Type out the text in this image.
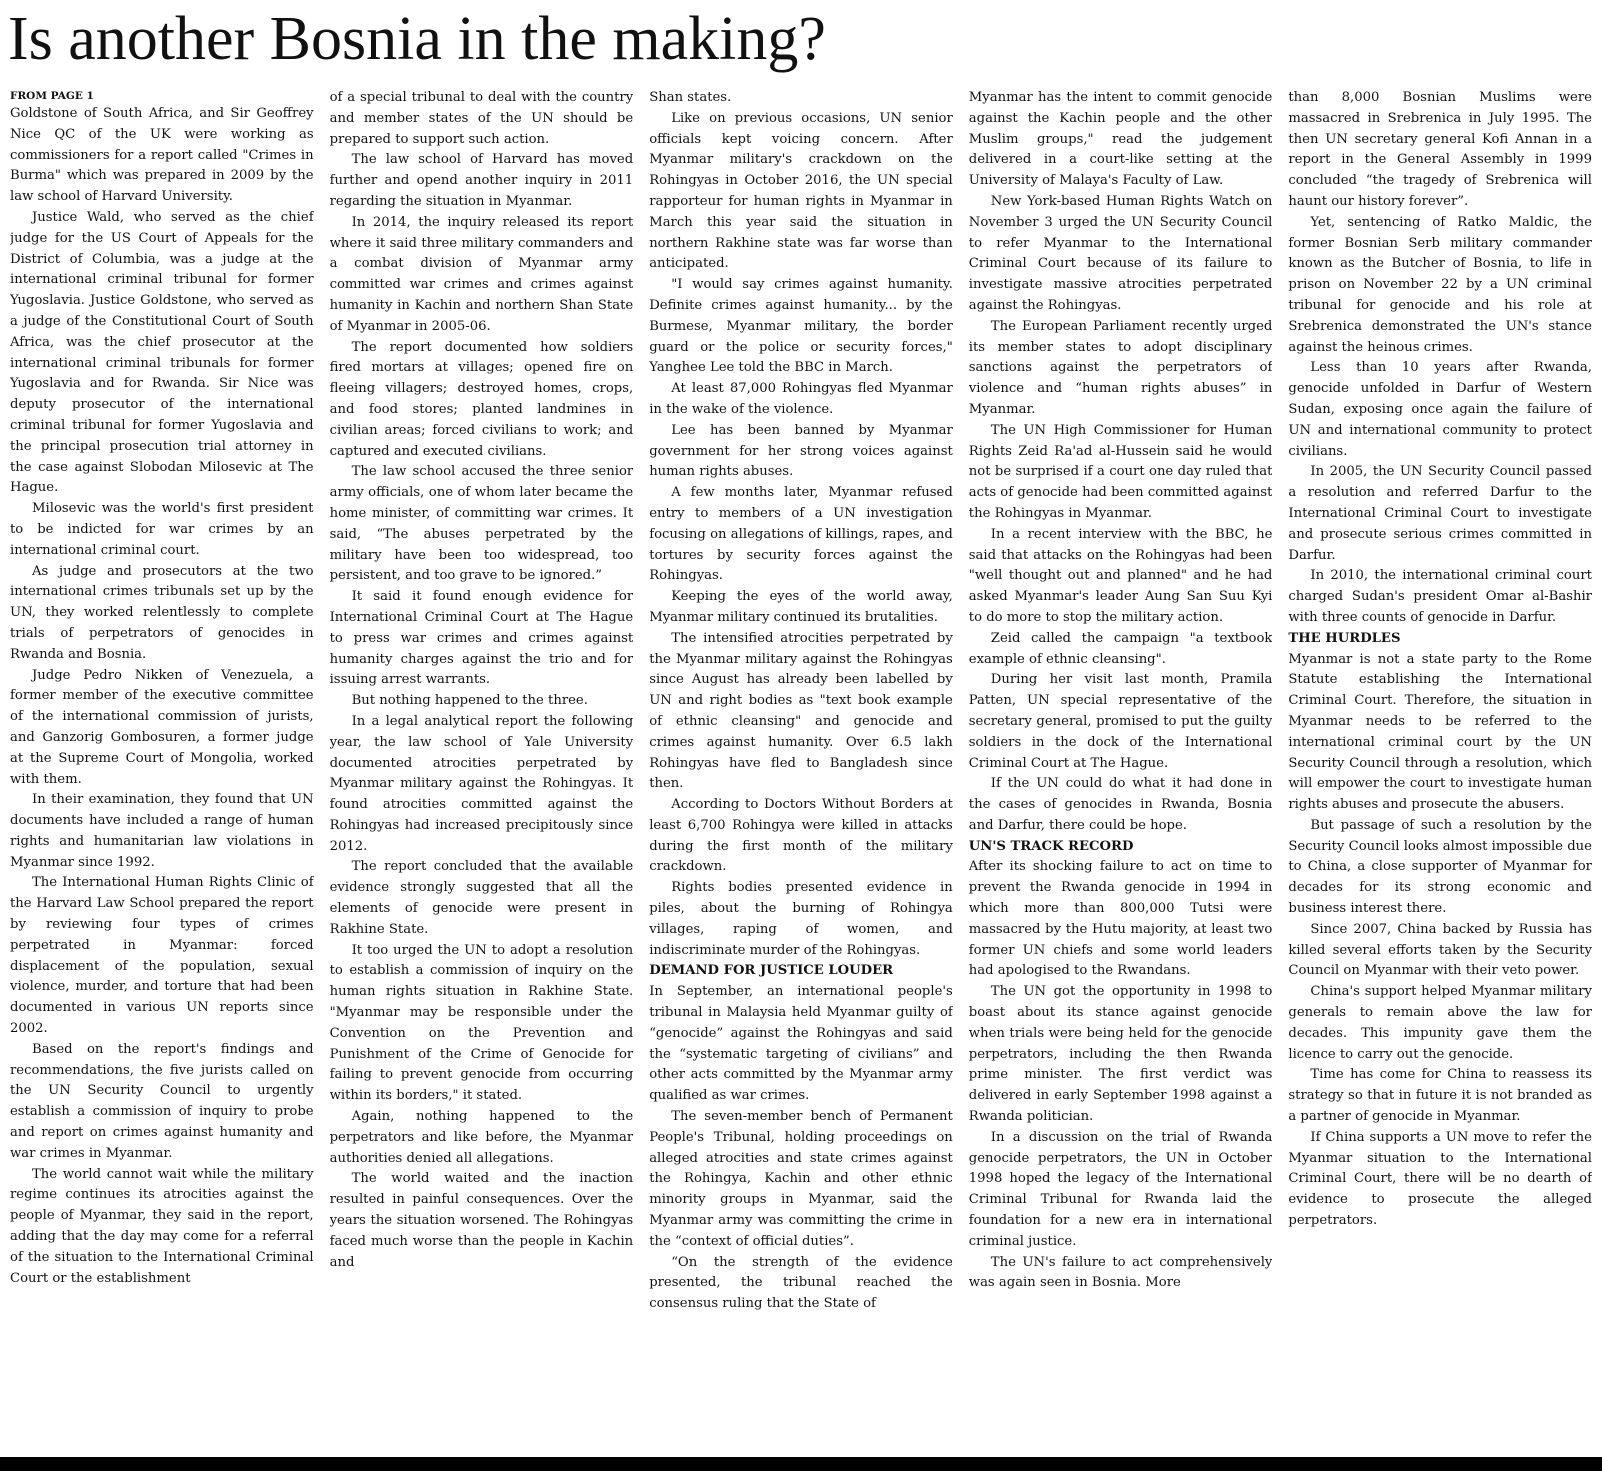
Is another Bosnia in the making?
FROM PAGE 1

Goldstone of South Africa, and Sir Geoffrey Nice QC of the UK were working as commissioners for a report called "Crimes in Burma" which was prepared in 2009 by the law school of Harvard University.

Justice Wald, who served as the chief judge for the US Court of Appeals for the District of Columbia, was a judge at the international criminal tribunal for former Yugoslavia. Justice Goldstone, who served as a judge of the Constitutional Court of South Africa, was the chief prosecutor at the international criminal tribunals for former Yugoslavia and for Rwanda. Sir Nice was deputy prosecutor of the international criminal tribunal for former Yugoslavia and the principal prosecution trial attorney in the case against Slobodan Milosevic at The Hague.

Milosevic was the world's first president to be indicted for war crimes by an international criminal court.

As judge and prosecutors at the two international crimes tribunals set up by the UN, they worked relentlessly to complete trials of perpetrators of genocides in Rwanda and Bosnia.

Judge Pedro Nikken of Venezuela, a former member of the executive committee of the international commission of jurists, and Ganzorig Gombosuren, a former judge at the Supreme Court of Mongolia, worked with them.

In their examination, they found that UN documents have included a range of human rights and humanitarian law violations in Myanmar since 1992.

The International Human Rights Clinic of the Harvard Law School prepared the report by reviewing four types of crimes perpetrated in Myanmar: forced displacement of the population, sexual violence, murder, and torture that had been documented in various UN reports since 2002.

Based on the report's findings and recommendations, the five jurists called on the UN Security Council to urgently establish a commission of inquiry to probe and report on crimes against humanity and war crimes in Myanmar.

The world cannot wait while the military regime continues its atrocities against the people of Myanmar, they said in the report, adding that the day may come for a referral of the situation to the International Criminal Court or the establishment

of a special tribunal to deal with the country and member states of the UN should be prepared to support such action.

The law school of Harvard has moved further and opend another inquiry in 2011 regarding the situation in Myanmar.

In 2014, the inquiry released its report where it said three military commanders and a combat division of Myanmar army committed war crimes and crimes against humanity in Kachin and northern Shan State of Myanmar in 2005-06.

The report documented how soldiers fired mortars at villages; opened fire on fleeing villagers; destroyed homes, crops, and food stores; planted landmines in civilian areas; forced civilians to work; and captured and executed civilians.

The law school accused the three senior army officials, one of whom later became the home minister, of committing war crimes. It said, “The abuses perpetrated by the military have been too widespread, too persistent, and too grave to be ignored.”

It said it found enough evidence for International Criminal Court at The Hague to press war crimes and crimes against humanity charges against the trio and for issuing arrest warrants.

But nothing happened to the three.

In a legal analytical report the following year, the law school of Yale University documented atrocities perpetrated by Myanmar military against the Rohingyas. It found atrocities committed against the Rohingyas had increased precipitously since 2012.

The report concluded that the available evidence strongly suggested that all the elements of genocide were present in Rakhine State.

It too urged the UN to adopt a resolution to establish a commission of inquiry on the human rights situation in Rakhine State. "Myanmar may be responsible under the Convention on the Prevention and Punishment of the Crime of Genocide for failing to prevent genocide from occurring within its borders," it stated.

Again, nothing happened to the perpetrators and like before, the Myanmar authorities denied all allegations.

The world waited and the inaction resulted in painful consequences. Over the years the situation worsened. The Rohingyas faced much worse than the people in Kachin and

Shan states.

Like on previous occasions, UN senior officials kept voicing concern. After Myanmar military's crackdown on the Rohingyas in October 2016, the UN special rapporteur for human rights in Myanmar in March this year said the situation in northern Rakhine state was far worse than anticipated.

"I would say crimes against humanity. Definite crimes against humanity... by the Burmese, Myanmar military, the border guard or the police or security forces," Yanghee Lee told the BBC in March.

At least 87,000 Rohingyas fled Myanmar in the wake of the violence.

Lee has been banned by Myanmar government for her strong voices against human rights abuses.

A few months later, Myanmar refused entry to members of a UN investigation focusing on allegations of killings, rapes, and tortures by security forces against the Rohingyas.

Keeping the eyes of the world away, Myanmar military continued its brutalities.

The intensified atrocities perpetrated by the Myanmar military against the Rohingyas since August has already been labelled by UN and right bodies as "text book example of ethnic cleansing" and genocide and crimes against humanity. Over 6.5 lakh Rohingyas have fled to Bangladesh since then.

According to Doctors Without Borders at least 6,700 Rohingya were killed in attacks during the first month of the military crackdown.

Rights bodies presented evidence in piles, about the burning of Rohingya villages, raping of women, and indiscriminate murder of the Rohingyas.

DEMAND FOR JUSTICE LOUDER

In September, an international people's tribunal in Malaysia held Myanmar guilty of “genocide” against the Rohingyas and said the “systematic targeting of civilians” and other acts committed by the Myanmar army qualified as war crimes.

The seven-member bench of Permanent People's Tribunal, holding proceedings on alleged atrocities and state crimes against the Rohingya, Kachin and other ethnic minority groups in Myanmar, said the Myanmar army was committing the crime in the “context of official duties”.

“On the strength of the evidence presented, the tribunal reached the consensus ruling that the State of

Myanmar has the intent to commit genocide against the Kachin people and the other Muslim groups," read the judgement delivered in a court-like setting at the University of Malaya's Faculty of Law.

New York-based Human Rights Watch on November 3 urged the UN Security Council to refer Myanmar to the International Criminal Court because of its failure to investigate massive atrocities perpetrated against the Rohingyas.

The European Parliament recently urged its member states to adopt disciplinary sanctions against the perpetrators of violence and “human rights abuses” in Myanmar.

The UN High Commissioner for Human Rights Zeid Ra'ad al-Hussein said he would not be surprised if a court one day ruled that acts of genocide had been committed against the Rohingyas in Myanmar.

In a recent interview with the BBC, he said that attacks on the Rohingyas had been "well thought out and planned" and he had asked Myanmar's leader Aung San Suu Kyi to do more to stop the military action.

Zeid called the campaign "a textbook example of ethnic cleansing".

During her visit last month, Pramila Patten, UN special representative of the secretary general, promised to put the guilty soldiers in the dock of the International Criminal Court at The Hague.

If the UN could do what it had done in the cases of genocides in Rwanda, Bosnia and Darfur, there could be hope.

UN'S TRACK RECORD

After its shocking failure to act on time to prevent the Rwanda genocide in 1994 in which more than 800,000 Tutsi were massacred by the Hutu majority, at least two former UN chiefs and some world leaders had apologised to the Rwandans.

The UN got the opportunity in 1998 to boast about its stance against genocide when trials were being held for the genocide perpetrators, including the then Rwanda prime minister. The first verdict was delivered in early September 1998 against a Rwanda politician.

In a discussion on the trial of Rwanda genocide perpetrators, the UN in October 1998 hoped the legacy of the International Criminal Tribunal for Rwanda laid the foundation for a new era in international criminal justice.

The UN's failure to act comprehensively was again seen in Bosnia. More

than 8,000 Bosnian Muslims were massacred in Srebrenica in July 1995. The then UN secretary general Kofi Annan in a report in the General Assembly in 1999 concluded “the tragedy of Srebrenica will haunt our history forever”.

Yet, sentencing of Ratko Maldic, the former Bosnian Serb military commander known as the Butcher of Bosnia, to life in prison on November 22 by a UN criminal tribunal for genocide and his role at Srebrenica demonstrated the UN's stance against the heinous crimes.

Less than 10 years after Rwanda, genocide unfolded in Darfur of Western Sudan, exposing once again the failure of UN and international community to protect civilians.

In 2005, the UN Security Council passed a resolution and referred Darfur to the International Criminal Court to investigate and prosecute serious crimes committed in Darfur.

In 2010, the international criminal court charged Sudan's president Omar al-Bashir with three counts of genocide in Darfur.

THE HURDLES

Myanmar is not a state party to the Rome Statute establishing the International Criminal Court. Therefore, the situation in Myanmar needs to be referred to the international criminal court by the UN Security Council through a resolution, which will empower the court to investigate human rights abuses and prosecute the abusers.

But passage of such a resolution by the Security Council looks almost impossible due to China, a close supporter of Myanmar for decades for its strong economic and business interest there.

Since 2007, China backed by Russia has killed several efforts taken by the Security Council on Myanmar with their veto power.

China's support helped Myanmar military generals to remain above the law for decades. This impunity gave them the licence to carry out the genocide.

Time has come for China to reassess its strategy so that in future it is not branded as a partner of genocide in Myanmar.

If China supports a UN move to refer the Myanmar situation to the International Criminal Court, there will be no dearth of evidence to prosecute the alleged perpetrators.
